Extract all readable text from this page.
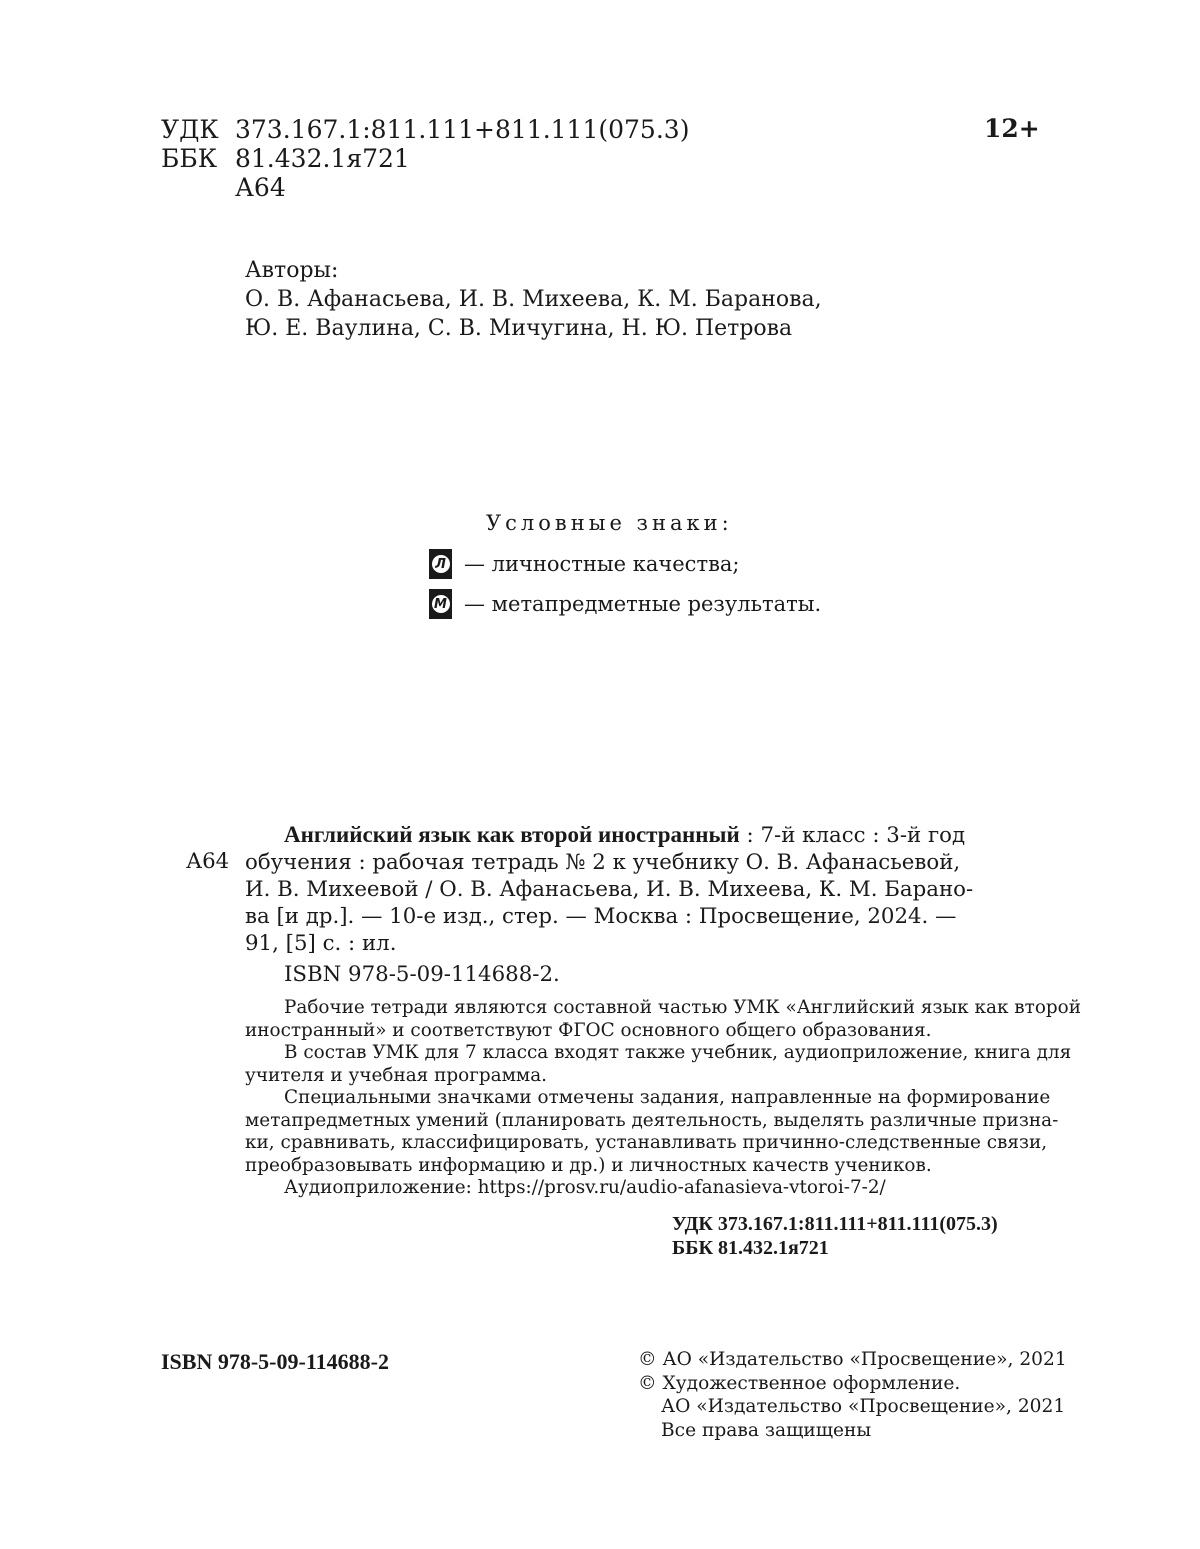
УДК 373.167.1:811.111+811.111(075.3)
ББК 81.432.1я721
А64
12+
Авторы:
О. В. Афанасьева, И. В. Михеева, К. М. Баранова,
Ю. Е. Ваулина, С. В. Мичугина, Н. Ю. Петрова
Условные знаки:
Л — личностные качества;
М — метапредметные результаты.
А64
Английский язык как второй иностранный : 7-й класс : 3-й год
обучения : рабочая тетрадь № 2 к учебнику О. В. Афанасьевой,
И. В. Михеевой / О. В. Афанасьева, И. В. Михеева, К. М. Барано-
ва [и др.]. — 10-е изд., стер. — Москва : Просвещение, 2024. —
91, [5] с. : ил.
ISBN 978-5-09-114688-2.
Рабочие тетради являются составной частью УМК «Английский язык как второй
иностранный» и соответствуют ФГОС основного общего образования.
В состав УМК для 7 класса входят также учебник, аудиоприложение, книга для
учителя и учебная программа.
Специальными значками отмечены задания, направленные на формирование
метапредметных умений (планировать деятельность, выделять различные призна-
ки, сравнивать, классифицировать, устанавливать причинно-следственные связи,
преобразовывать информацию и др.) и личностных качеств учеников.
Аудиоприложение: https://prosv.ru/audio-afanasieva-vtoroi-7-2/
УДК 373.167.1:811.111+811.111(075.3)
ББК 81.432.1я721
ISBN 978-5-09-114688-2	© АО «Издательство «Просвещение», 2021
© Художественное оформление.
АО «Издательство «Просвещение», 2021
Все права защищены
